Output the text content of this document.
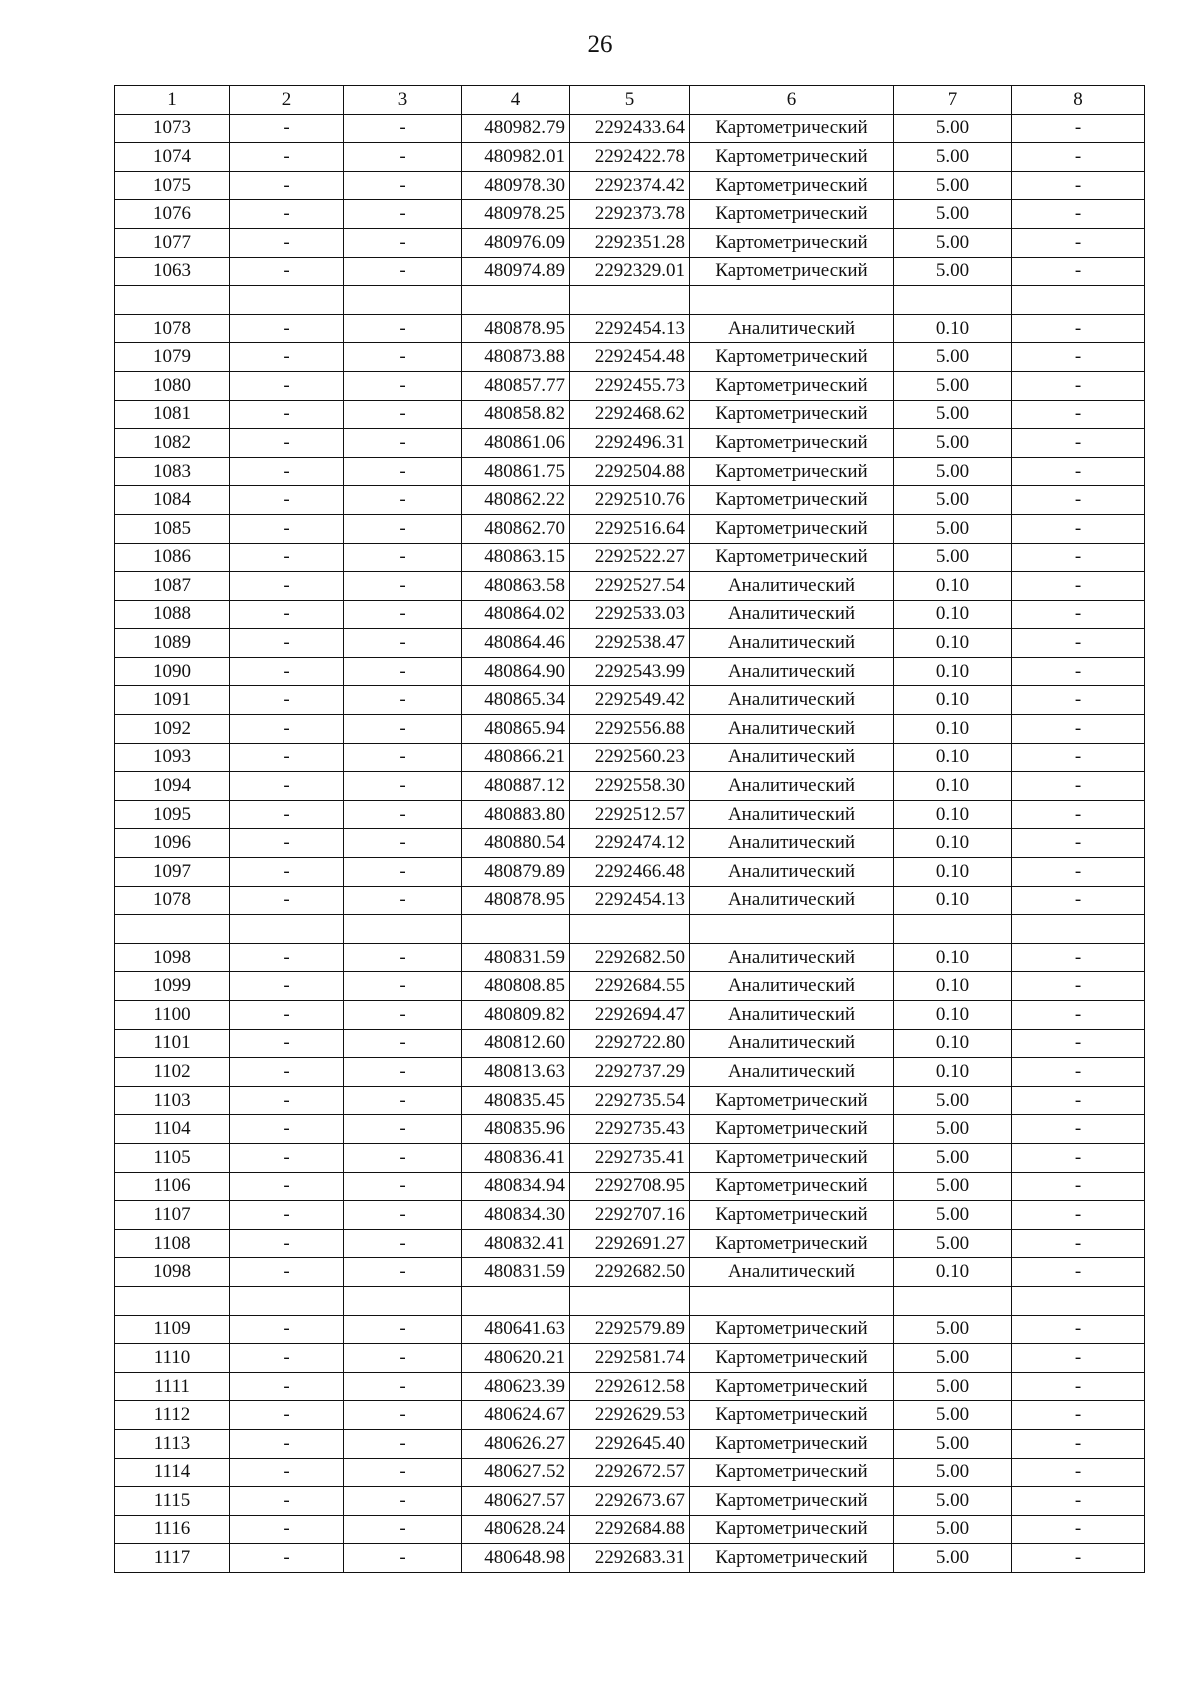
26
1	2	3	4	5	6	7	8
1073	-	-	480982.79	2292433.64	Картометрический	5.00	-
1074	-	-	480982.01	2292422.78	Картометрический	5.00	-
1075	-	-	480978.30	2292374.42	Картометрический	5.00	-
1076	-	-	480978.25	2292373.78	Картометрический	5.00	-
1077	-	-	480976.09	2292351.28	Картометрический	5.00	-
1063	-	-	480974.89	2292329.01	Картометрический	5.00	-

1078	-	-	480878.95	2292454.13	Аналитический	0.10	-
1079	-	-	480873.88	2292454.48	Картометрический	5.00	-
1080	-	-	480857.77	2292455.73	Картометрический	5.00	-
1081	-	-	480858.82	2292468.62	Картометрический	5.00	-
1082	-	-	480861.06	2292496.31	Картометрический	5.00	-
1083	-	-	480861.75	2292504.88	Картометрический	5.00	-
1084	-	-	480862.22	2292510.76	Картометрический	5.00	-
1085	-	-	480862.70	2292516.64	Картометрический	5.00	-
1086	-	-	480863.15	2292522.27	Картометрический	5.00	-
1087	-	-	480863.58	2292527.54	Аналитический	0.10	-
1088	-	-	480864.02	2292533.03	Аналитический	0.10	-
1089	-	-	480864.46	2292538.47	Аналитический	0.10	-
1090	-	-	480864.90	2292543.99	Аналитический	0.10	-
1091	-	-	480865.34	2292549.42	Аналитический	0.10	-
1092	-	-	480865.94	2292556.88	Аналитический	0.10	-
1093	-	-	480866.21	2292560.23	Аналитический	0.10	-
1094	-	-	480887.12	2292558.30	Аналитический	0.10	-
1095	-	-	480883.80	2292512.57	Аналитический	0.10	-
1096	-	-	480880.54	2292474.12	Аналитический	0.10	-
1097	-	-	480879.89	2292466.48	Аналитический	0.10	-
1078	-	-	480878.95	2292454.13	Аналитический	0.10	-

1098	-	-	480831.59	2292682.50	Аналитический	0.10	-
1099	-	-	480808.85	2292684.55	Аналитический	0.10	-
1100	-	-	480809.82	2292694.47	Аналитический	0.10	-
1101	-	-	480812.60	2292722.80	Аналитический	0.10	-
1102	-	-	480813.63	2292737.29	Аналитический	0.10	-
1103	-	-	480835.45	2292735.54	Картометрический	5.00	-
1104	-	-	480835.96	2292735.43	Картометрический	5.00	-
1105	-	-	480836.41	2292735.41	Картометрический	5.00	-
1106	-	-	480834.94	2292708.95	Картометрический	5.00	-
1107	-	-	480834.30	2292707.16	Картометрический	5.00	-
1108	-	-	480832.41	2292691.27	Картометрический	5.00	-
1098	-	-	480831.59	2292682.50	Аналитический	0.10	-

1109	-	-	480641.63	2292579.89	Картометрический	5.00	-
1110	-	-	480620.21	2292581.74	Картометрический	5.00	-
1111	-	-	480623.39	2292612.58	Картометрический	5.00	-
1112	-	-	480624.67	2292629.53	Картометрический	5.00	-
1113	-	-	480626.27	2292645.40	Картометрический	5.00	-
1114	-	-	480627.52	2292672.57	Картометрический	5.00	-
1115	-	-	480627.57	2292673.67	Картометрический	5.00	-
1116	-	-	480628.24	2292684.88	Картометрический	5.00	-
1117	-	-	480648.98	2292683.31	Картометрический	5.00	-
